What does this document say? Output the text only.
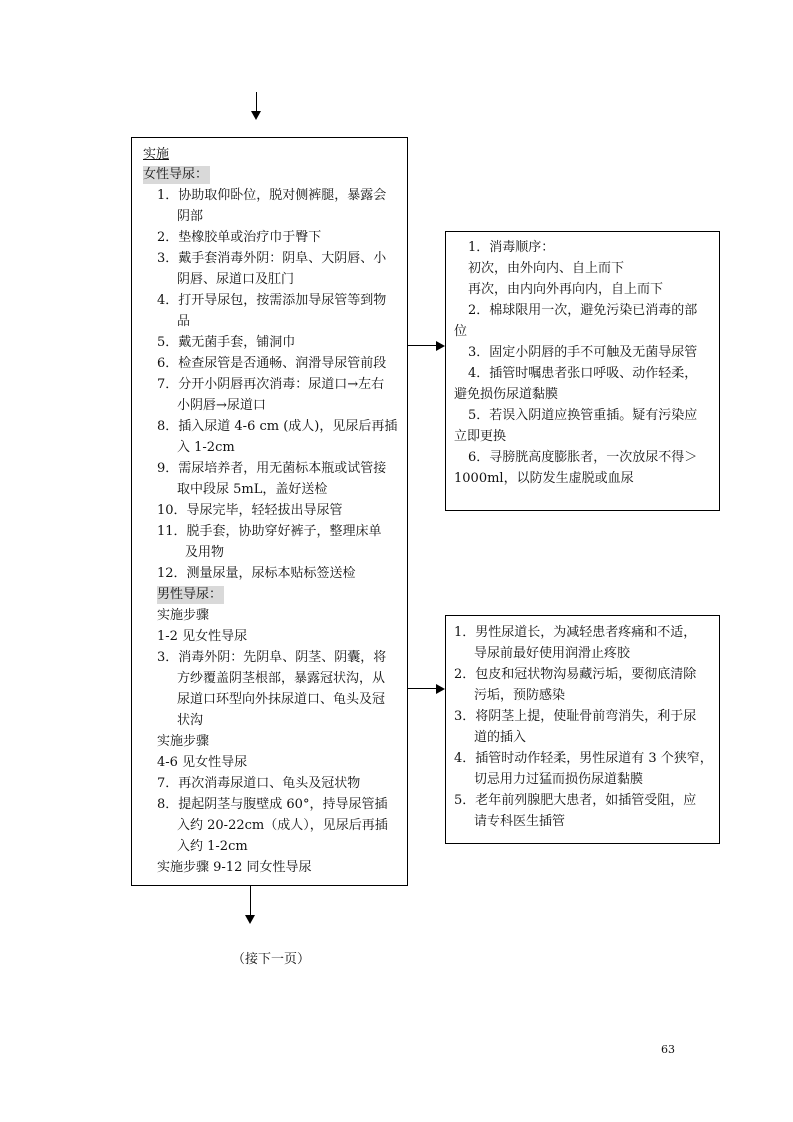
实施
女性导尿：
1．协助取仰卧位，脱对侧裤腿，暴露会
阴部
2．垫橡胶单或治疗巾于臀下
3．戴手套消毒外阴：阴阜、大阴唇、小
阴唇、尿道口及肛门
4．打开导尿包，按需添加导尿管等到物
品
5．戴无菌手套，铺洞巾
6．检查尿管是否通畅、润滑导尿管前段
7．分开小阴唇再次消毒：尿道口→左右
小阴唇→尿道口
8．插入尿道 4-6 cm (成人)，见尿后再插
入 1-2cm
9．需尿培养者，用无菌标本瓶或试管接
取中段尿 5mL，盖好送检
10．导尿完毕，轻轻拔出导尿管
11．脱手套，协助穿好裤子，整理床单
及用物
12．测量尿量，尿标本贴标签送检
男性导尿：
实施步骤
1-2 见女性导尿
3．消毒外阴：先阴阜、阴茎、阴囊，将
方纱覆盖阴茎根部，暴露冠状沟，从
尿道口环型向外抹尿道口、龟头及冠
状沟
实施步骤
4-6 见女性导尿
7．再次消毒尿道口、龟头及冠状物
8．提起阴茎与腹壁成 60°，持导尿管插
入约 20-22cm（成人），见尿后再插
入约 1-2cm
实施步骤 9-12 同女性导尿
1．消毒顺序：
初次，由外向内、自上而下
再次，由内向外再向内，自上而下
2．棉球限用一次，避免污染已消毒的部
位
3．固定小阴唇的手不可触及无菌导尿管
4．插管时嘱患者张口呼吸、动作轻柔，
避免损伤尿道黏膜
5．若误入阴道应换管重插。疑有污染应
立即更换
6．寻膀胱高度膨胀者，一次放尿不得＞
1000ml，以防发生虚脱或血尿
1．男性尿道长，为减轻患者疼痛和不适，
导尿前最好使用润滑止疼胶
2．包皮和冠状物沟易藏污垢，要彻底清除
污垢，预防感染
3．将阴茎上提，使耻骨前弯消失，利于尿
道的插入
4．插管时动作轻柔，男性尿道有 3 个狭窄，
切忌用力过猛而损伤尿道黏膜
5．老年前列腺肥大患者，如插管受阻，应
请专科医生插管
（接下一页）
63
